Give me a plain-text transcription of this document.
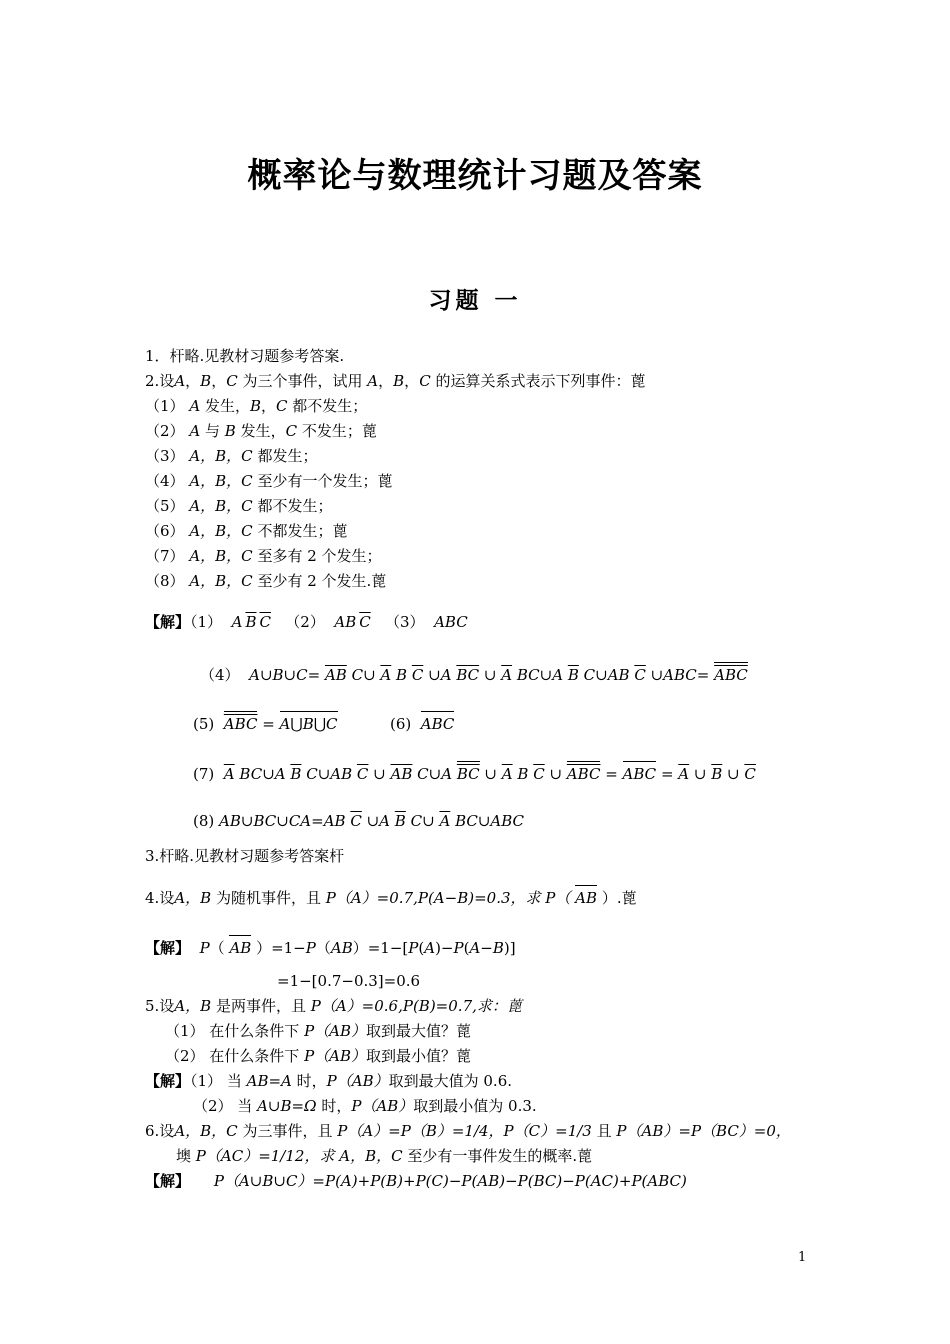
概率论与数理统计习题及答案
习题 一
1．杆略.见教材习题参考答案.
2.设A，B，C 为三个事件，试用 A，B，C 的运算关系式表示下列事件：蓖
（1） A 发生，B，C 都不发生；
（2） A 与 B 发生，C 不发生；蓖
（3） A，B，C 都发生；
（4） A，B，C 至少有一个发生；蓖
（5） A，B，C 都不发生；
（6） A，B，C 不都发生；蓖
（7） A，B，C 至多有 2 个发生；
（8） A，B，C 至少有 2 个发生.蓖
【解】（1）  A  $\overline{B}$  $\overline{C}$   （2）  AB  $\overline{C}$   （3）  ABC
（4）  A∪B∪C= $\overline{AB}$ C∪ $\overline{A}$ B $\overline{C}$ ∪A $\overline{B}\overline{C}$ ∪ $\overline{A}$ BC∪A $\overline{B}$ C∪AB $\overline{C}$ ∪ABC= $\overline{A}\overline{B}\overline{C}$
(5)  $\overline{A}\overline{B}\overline{C}$ = A⋃B⋃C           (6)  ABC
(7)  $\overline{A}$ BC∪A $\overline{B}$ C∪AB $\overline{C}$ ∪ $\overline{A}\overline{B}$ C∪A $\overline{B}\overline{C}$ ∪ $\overline{A}$ B $\overline{C}$ ∪ $\overline{A}\overline{B}\overline{C}$ = ABC = $\overline{A}$ ∪ $\overline{B}$ ∪ $\overline{C}$
(8) AB∪BC∪CA=AB $\overline{C}$ ∪A $\overline{B}$ C∪ $\overline{A}$ BC∪ABC
3.杆略.见教材习题参考答案杆
4.设A，B 为随机事件，且 P（A）=0.7,P(A−B)=0.3，求 P（ AB ）.蓖
【解】 P（ AB ）=1−P（AB）=1−[P(A)−P(A−B)]
=1−[0.7−0.3]=0.6
5.设A，B 是两事件，且 P（A）=0.6,P(B)=0.7,求：蓖
（1） 在什么条件下 P（AB）取到最大值？蓖
（2） 在什么条件下 P（AB）取到最小值？蓖
【解】（1） 当 AB=A 时，P（AB）取到最大值为 0.6.
（2） 当 A∪B=Ω 时，P（AB）取到最小值为 0.3.
6.设A，B，C 为三事件，且 P（A）=P（B）=1/4，P（C）=1/3 且 P（AB）=P（BC）=0，
墺 P（AC）=1/12，求 A，B，C 至少有一事件发生的概率.蓖
【解】 P（A∪B∪C）=P(A)+P(B)+P(C)−P(AB)−P(BC)−P(AC)+P(ABC)
1
